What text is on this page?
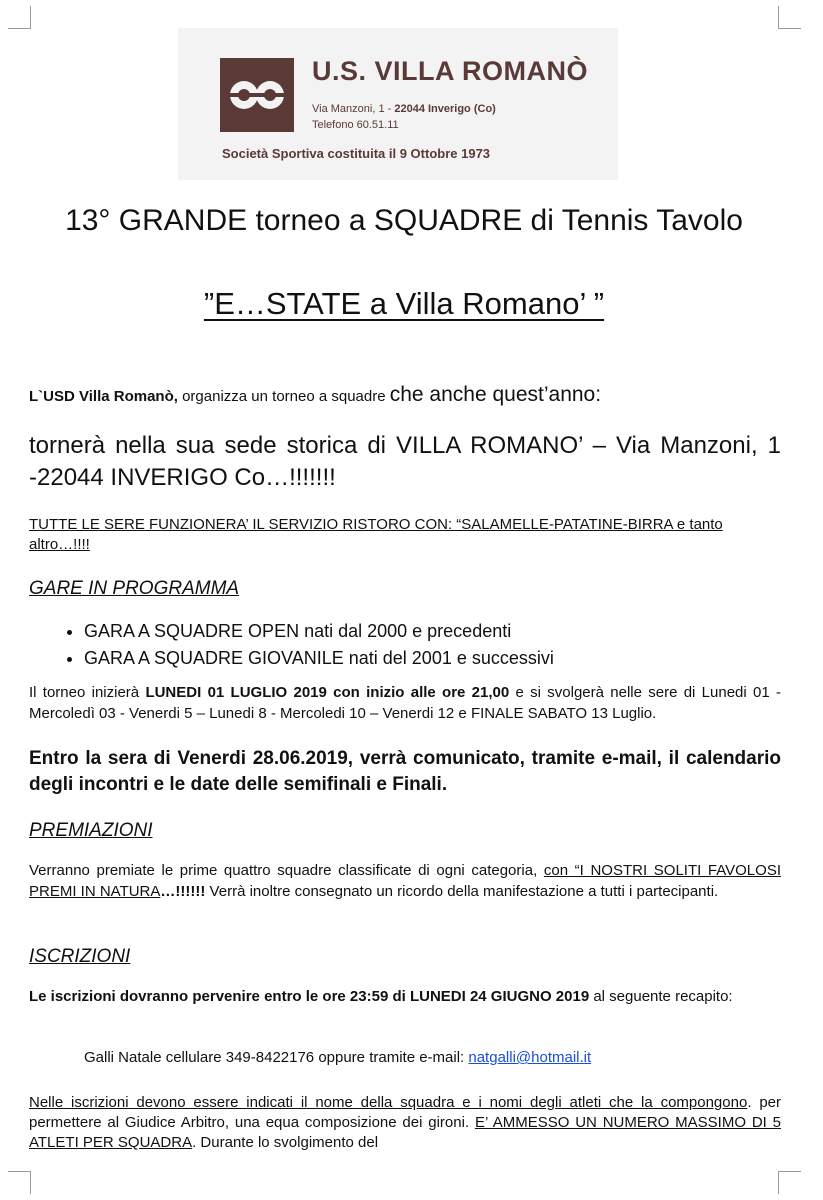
U.S. VILLA ROMANÒ
Via Manzoni, 1 - 22044 Inverigo (Co)
Telefono 60.51.11
Società Sportiva costituita il 9 Ottobre 1973
13° GRANDE torneo a SQUADRE di Tennis Tavolo
”E…STATE a Villa Romano’ ”
L`USD Villa Romanò, organizza un torneo a squadre che anche quest’anno:
tornerà nella sua sede storica di VILLA ROMANO’ – Via Manzoni, 1 -22044 INVERIGO Co…!!!!!!!
TUTTE LE SERE FUNZIONERA’ IL SERVIZIO RISTORO CON: “SALAMELLE-PATATINE-BIRRA e tanto altro…!!!!
GARE IN PROGRAMMA
• GARA A SQUADRE OPEN nati dal 2000 e precedenti
• GARA A SQUADRE GIOVANILE nati del 2001 e successivi
Il torneo inizierà LUNEDI 01 LUGLIO 2019 con inizio alle ore 21,00 e si svolgerà nelle sere di Lunedi 01 - Mercoledì 03 - Venerdi 5 – Lunedi 8 - Mercoledi 10 – Venerdi 12 e FINALE SABATO 13 Luglio.
Entro la sera di Venerdi 28.06.2019, verrà comunicato, tramite e-mail, il calendario degli incontri e le date delle semifinali e Finali.
PREMIAZIONI
Verranno premiate le prime quattro squadre classificate di ogni categoria, con “I NOSTRI SOLITI FAVOLOSI PREMI IN NATURA…!!!!!! Verrà inoltre consegnato un ricordo della manifestazione a tutti i partecipanti.
ISCRIZIONI
Le iscrizioni dovranno pervenire entro le ore 23:59 di LUNEDI 24 GIUGNO 2019 al seguente recapito:
Galli Natale cellulare 349-8422176 oppure tramite e-mail: natgalli@hotmail.it
Nelle iscrizioni devono essere indicati il nome della squadra e i nomi degli atleti che la compongono. per permettere al Giudice Arbitro, una equa composizione dei gironi. E’ AMMESSO UN NUMERO MASSIMO DI 5 ATLETI PER SQUADRA. Durante lo svolgimento del
